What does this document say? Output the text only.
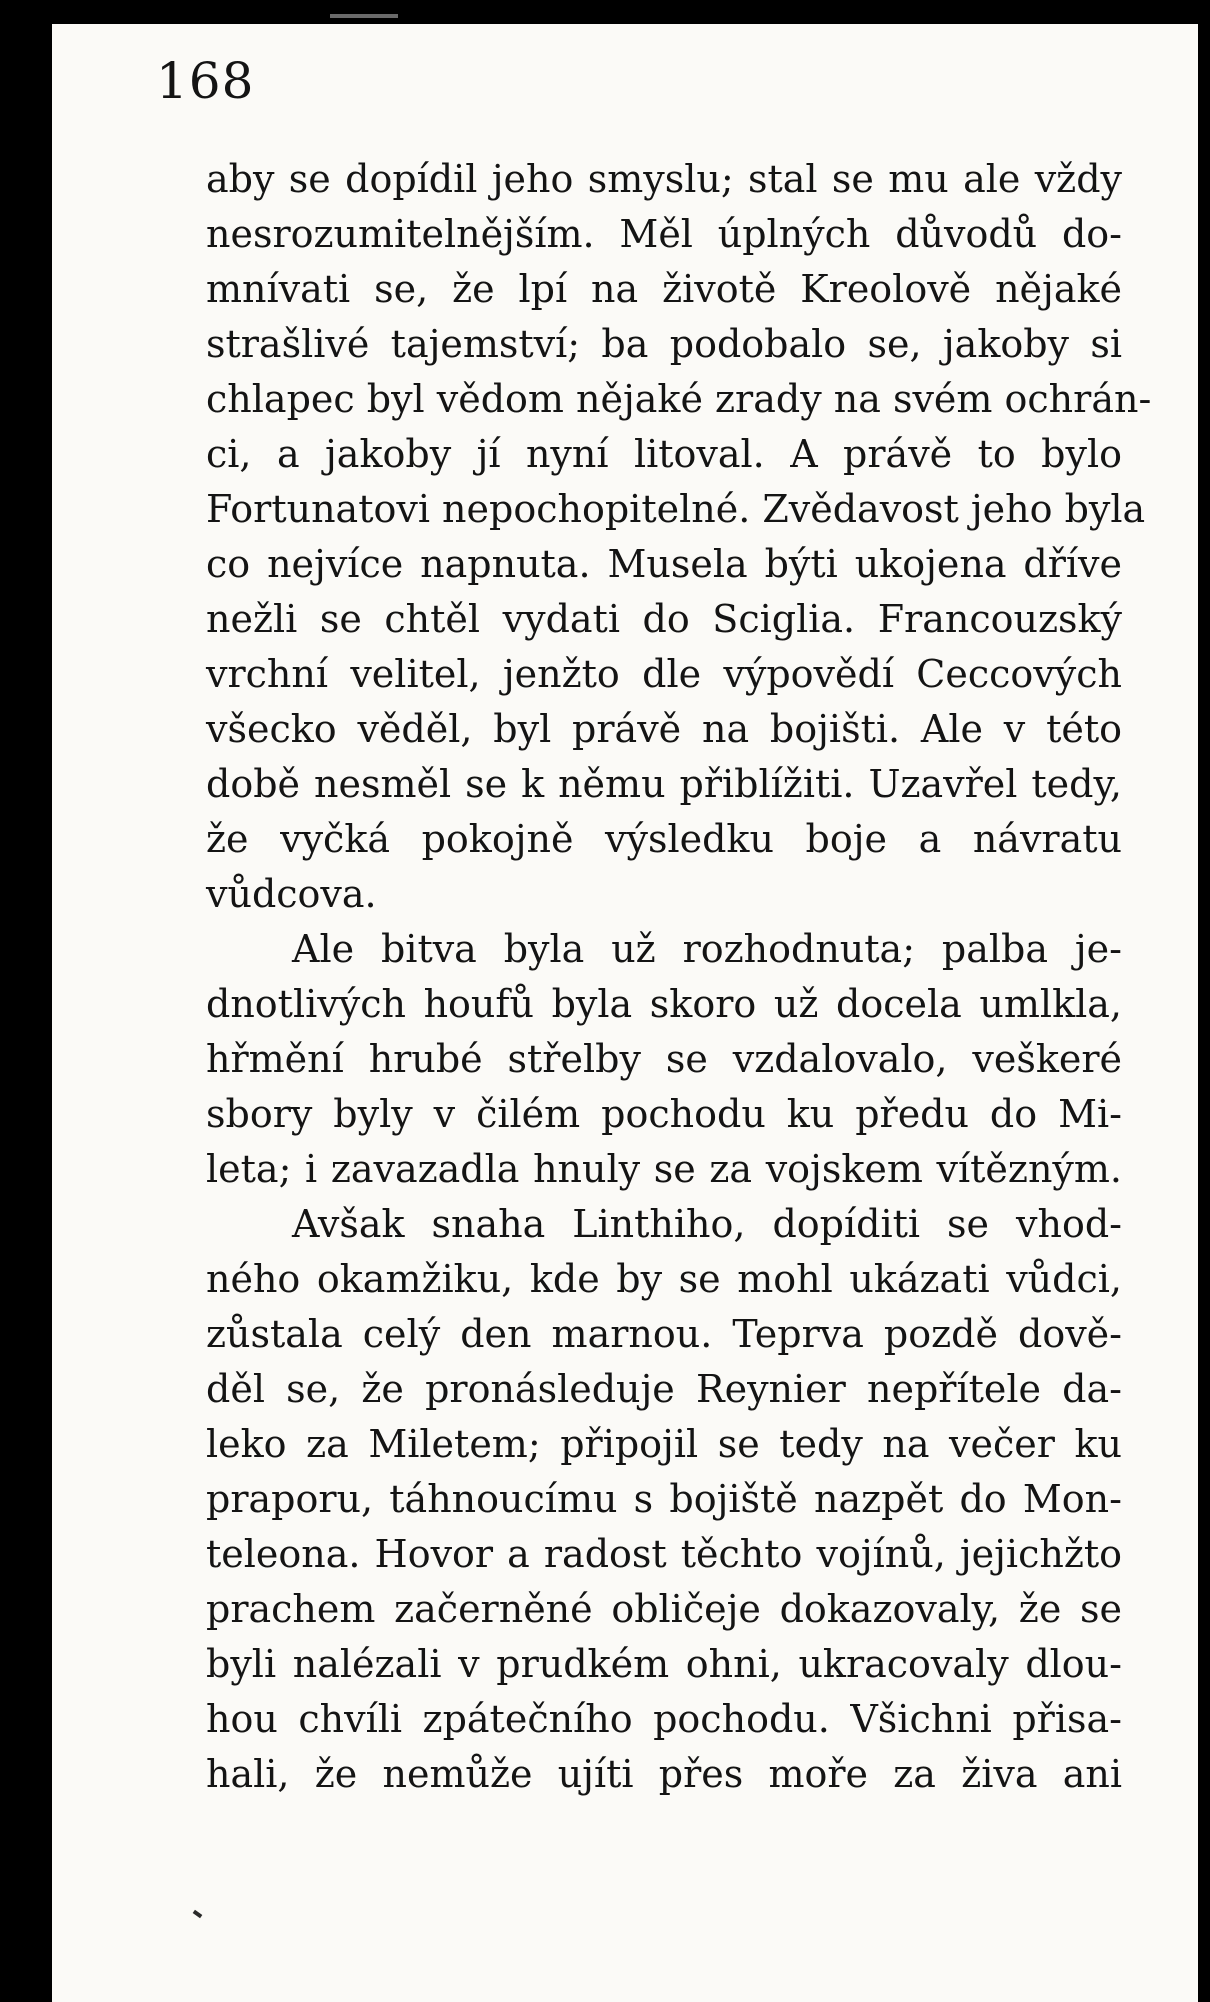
168
aby se dopídil jeho smyslu; stal se mu ale vždy
nesrozumitelnějším. Měl úplných důvodů do-
mnívati se, že lpí na životě Kreolově nějaké
strašlivé tajemství; ba podobalo se, jakoby si
chlapec byl vědom nějaké zrady na svém ochrán-
ci, a jakoby jí nyní litoval. A právě to bylo
Fortunatovi nepochopitelné. Zvědavost jeho byla
co nejvíce napnuta. Musela býti ukojena dříve
nežli se chtěl vydati do Sciglia. Francouzský
vrchní velitel, jenžto dle výpovědí Ceccových
všecko věděl, byl právě na bojišti. Ale v této
době nesměl se k němu přiblížiti. Uzavřel tedy,
že vyčká pokojně výsledku boje a návratu
vůdcova.
Ale bitva byla už rozhodnuta; palba je-
dnotlivých houfů byla skoro už docela umlkla,
hřmění hrubé střelby se vzdalovalo, veškeré
sbory byly v čilém pochodu ku předu do Mi-
leta; i zavazadla hnuly se za vojskem vítězným.
Avšak snaha Linthiho, dopíditi se vhod-
ného okamžiku, kde by se mohl ukázati vůdci,
zůstala celý den marnou. Teprva pozdě dově-
děl se, že pronásleduje Reynier nepřítele da-
leko za Miletem; připojil se tedy na večer ku
praporu, táhnoucímu s bojiště nazpět do Mon-
teleona. Hovor a radost těchto vojínů, jejichžto
prachem začerněné obličeje dokazovaly, že se
byli nalézali v prudkém ohni, ukracovaly dlou-
hou chvíli zpátečního pochodu. Všichni přisa-
hali, že nemůže ujíti přes moře za živa ani
